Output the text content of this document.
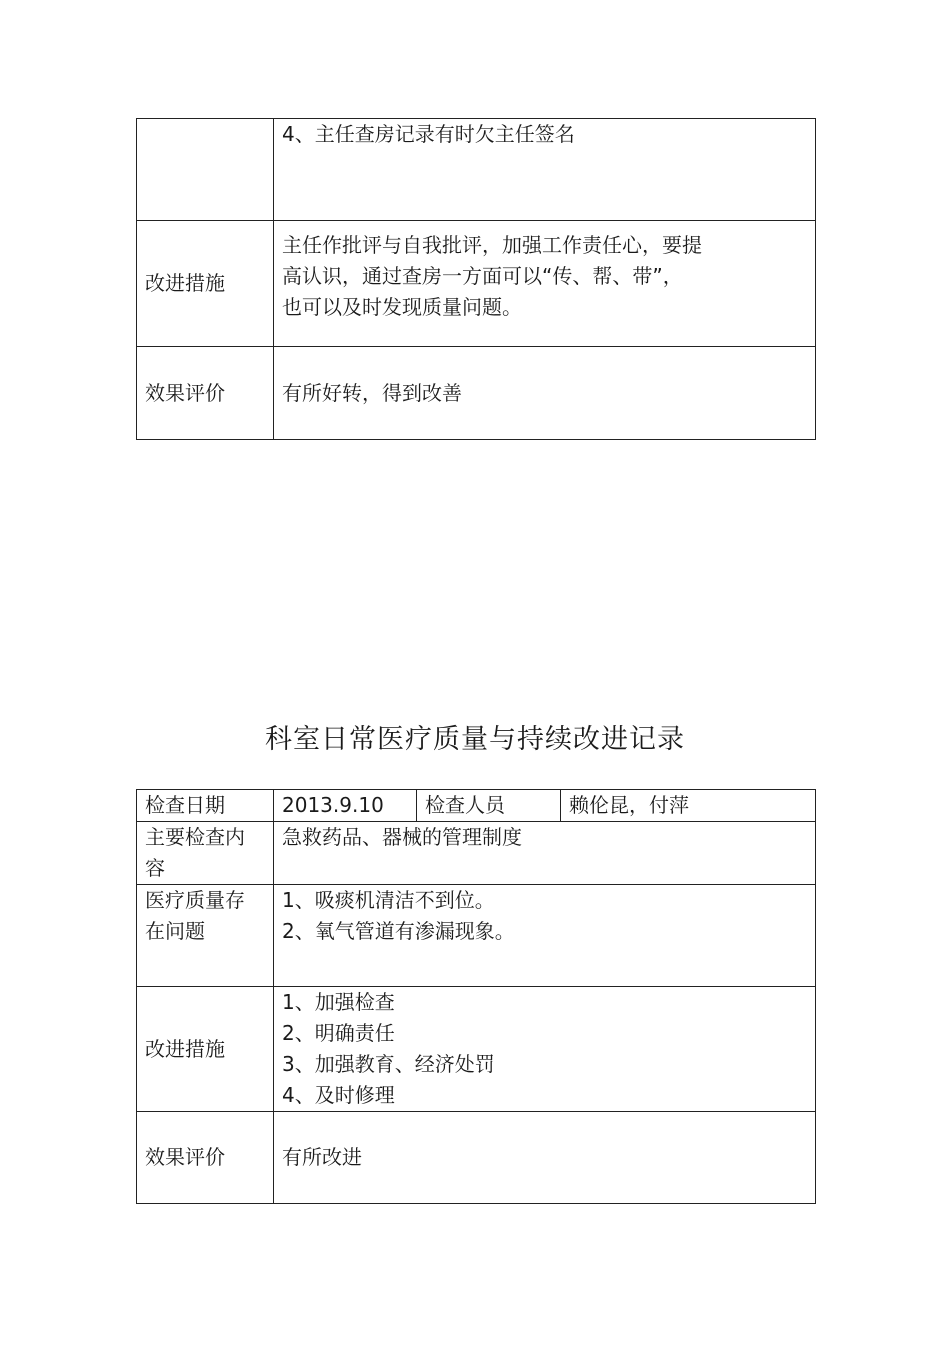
	4、主任查房记录有时欠主任签名

改进措施	主任作批评与自我批评，加强工作责任心，要提
高认识，通过查房一方面可以“传、帮、带”，
也可以及时发现质量问题。

效果评价	有所好转，得到改善
科室日常医疗质量与持续改进记录
检查日期	2013.9.10	检查人员	赖伦昆，付萍

主要检查内
容	急救药品、器械的管理制度		

医疗质量存
在问题	1、吸痰机清洁不到位。
2、氧气管道有渗漏现象。		

改进措施	1、加强检查
2、明确责任
3、加强教育、经济处罚
4、及时修理		

效果评价	有所改进		
